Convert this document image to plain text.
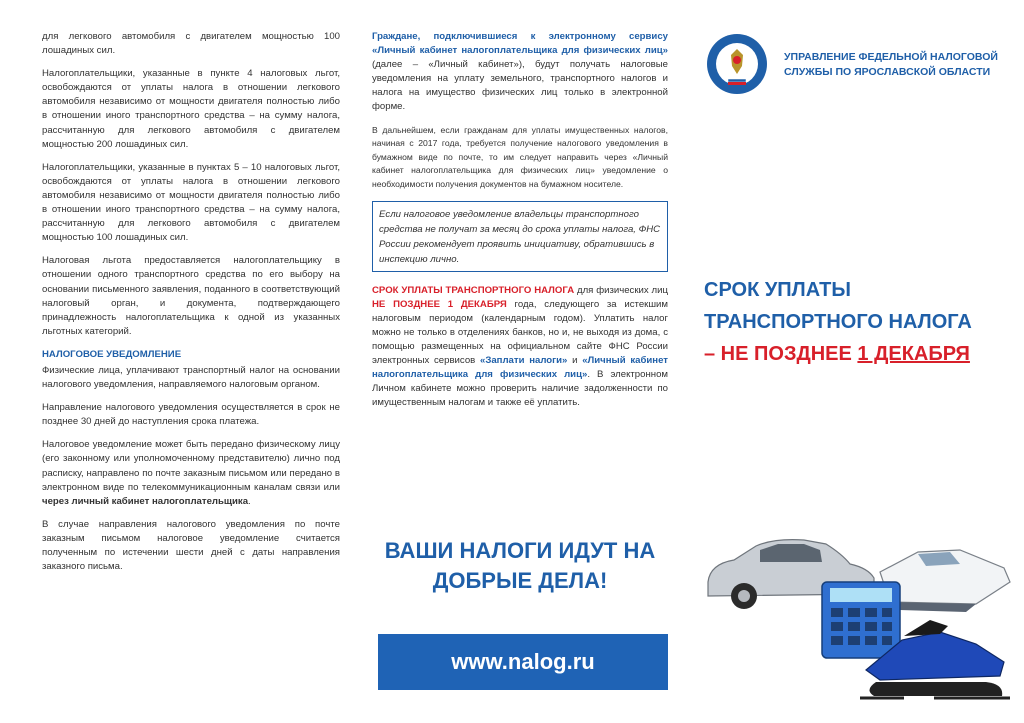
для легкового автомобиля с двигателем мощностью 100 лошадиных сил.

Налогоплательщики, указанные в пункте 4 налоговых льгот, освобождаются от уплаты налога в отношении легкового автомобиля независимо от мощности двигателя полностью либо в отношении иного транспортного средства – на сумму налога, рассчитанную для легкового автомобиля с двигателем мощностью 200 лошадиных сил.

Налогоплательщики, указанные в пунктах 5 – 10 налоговых льгот, освобождаются от уплаты налога в отношении легкового автомобиля независимо от мощности двигателя полностью либо в отношении иного транспортного средства – на сумму налога, рассчитанную для легкового автомобиля с двигателем мощностью 100 лошадиных сил.

Налоговая льгота предоставляется налогоплательщику в отношении одного транспортного средства по его выбору на основании письменного заявления, поданного в соответствующий налоговый орган, и документа, подтверждающего принадлежность налогоплательщика к одной из указанных льготных категорий.

НАЛОГОВОЕ УВЕДОМЛЕНИЕ

Физические лица, уплачивают транспортный налог на основании налогового уведомления, направляемого налоговым органом.

Направление налогового уведомления осуществляется в срок не позднее 30 дней до наступления срока платежа.

Налоговое уведомление может быть передано физическому лицу (его законному или уполномоченному представителю) лично под расписку, направлено по почте заказным письмом или передано в электронном виде по телекоммуникационным каналам связи или через личный кабинет налогоплательщика.

В случае направления налогового уведомления по почте заказным письмом налоговое уведомление считается полученным по истечении шести дней с даты направления заказного письма.

Граждане, подключившиеся к электронному сервису «Личный кабинет налогоплательщика для физических лиц» (далее – «Личный кабинет»), будут получать налоговые уведомления на уплату земельного, транспортного налогов и налога на имущество физических лиц только в электронной форме.

В дальнейшем, если гражданам для уплаты имущественных налогов, начиная с 2017 года, требуется получение налогового уведомления в бумажном виде по почте, то им следует направить через «Личный кабинет налогоплательщика для физических лиц» уведомление о необходимости получения документов на бумажном носителе.

Если налоговое уведомление владельцы транспортного средства не получат за месяц до срока уплаты налога, ФНС России рекомендует проявить инициативу, обратившись в инспекцию лично.

СРОК УПЛАТЫ ТРАНСПОРТНОГО НАЛОГА для физических лиц НЕ ПОЗДНЕЕ 1 ДЕКАБРЯ года, следующего за истекшим налоговым периодом (календарным годом). Уплатить налог можно не только в отделениях банков, но и, не выходя из дома, с помощью размещенных на официальном сайте ФНС России электронных сервисов «Заплати налоги» и «Личный кабинет налогоплательщика для физических лиц». В электронном Личном кабинете можно проверить наличие задолженности по имущественным налогам и также её уплатить.

ВАШИ НАЛОГИ ИДУТ НА
ДОБРЫЕ ДЕЛА!
www.nalog.ru
УПРАВЛЕНИЕ ФЕДЕЛЬНОЙ НАЛОГОВОЙ
СЛУЖБЫ ПО ЯРОСЛАВСКОЙ ОБЛАСТИ
СРОК УПЛАТЫ
ТРАНСПОРТНОГО НАЛОГА
– НЕ ПОЗДНЕЕ 1 ДЕКАБРЯ
